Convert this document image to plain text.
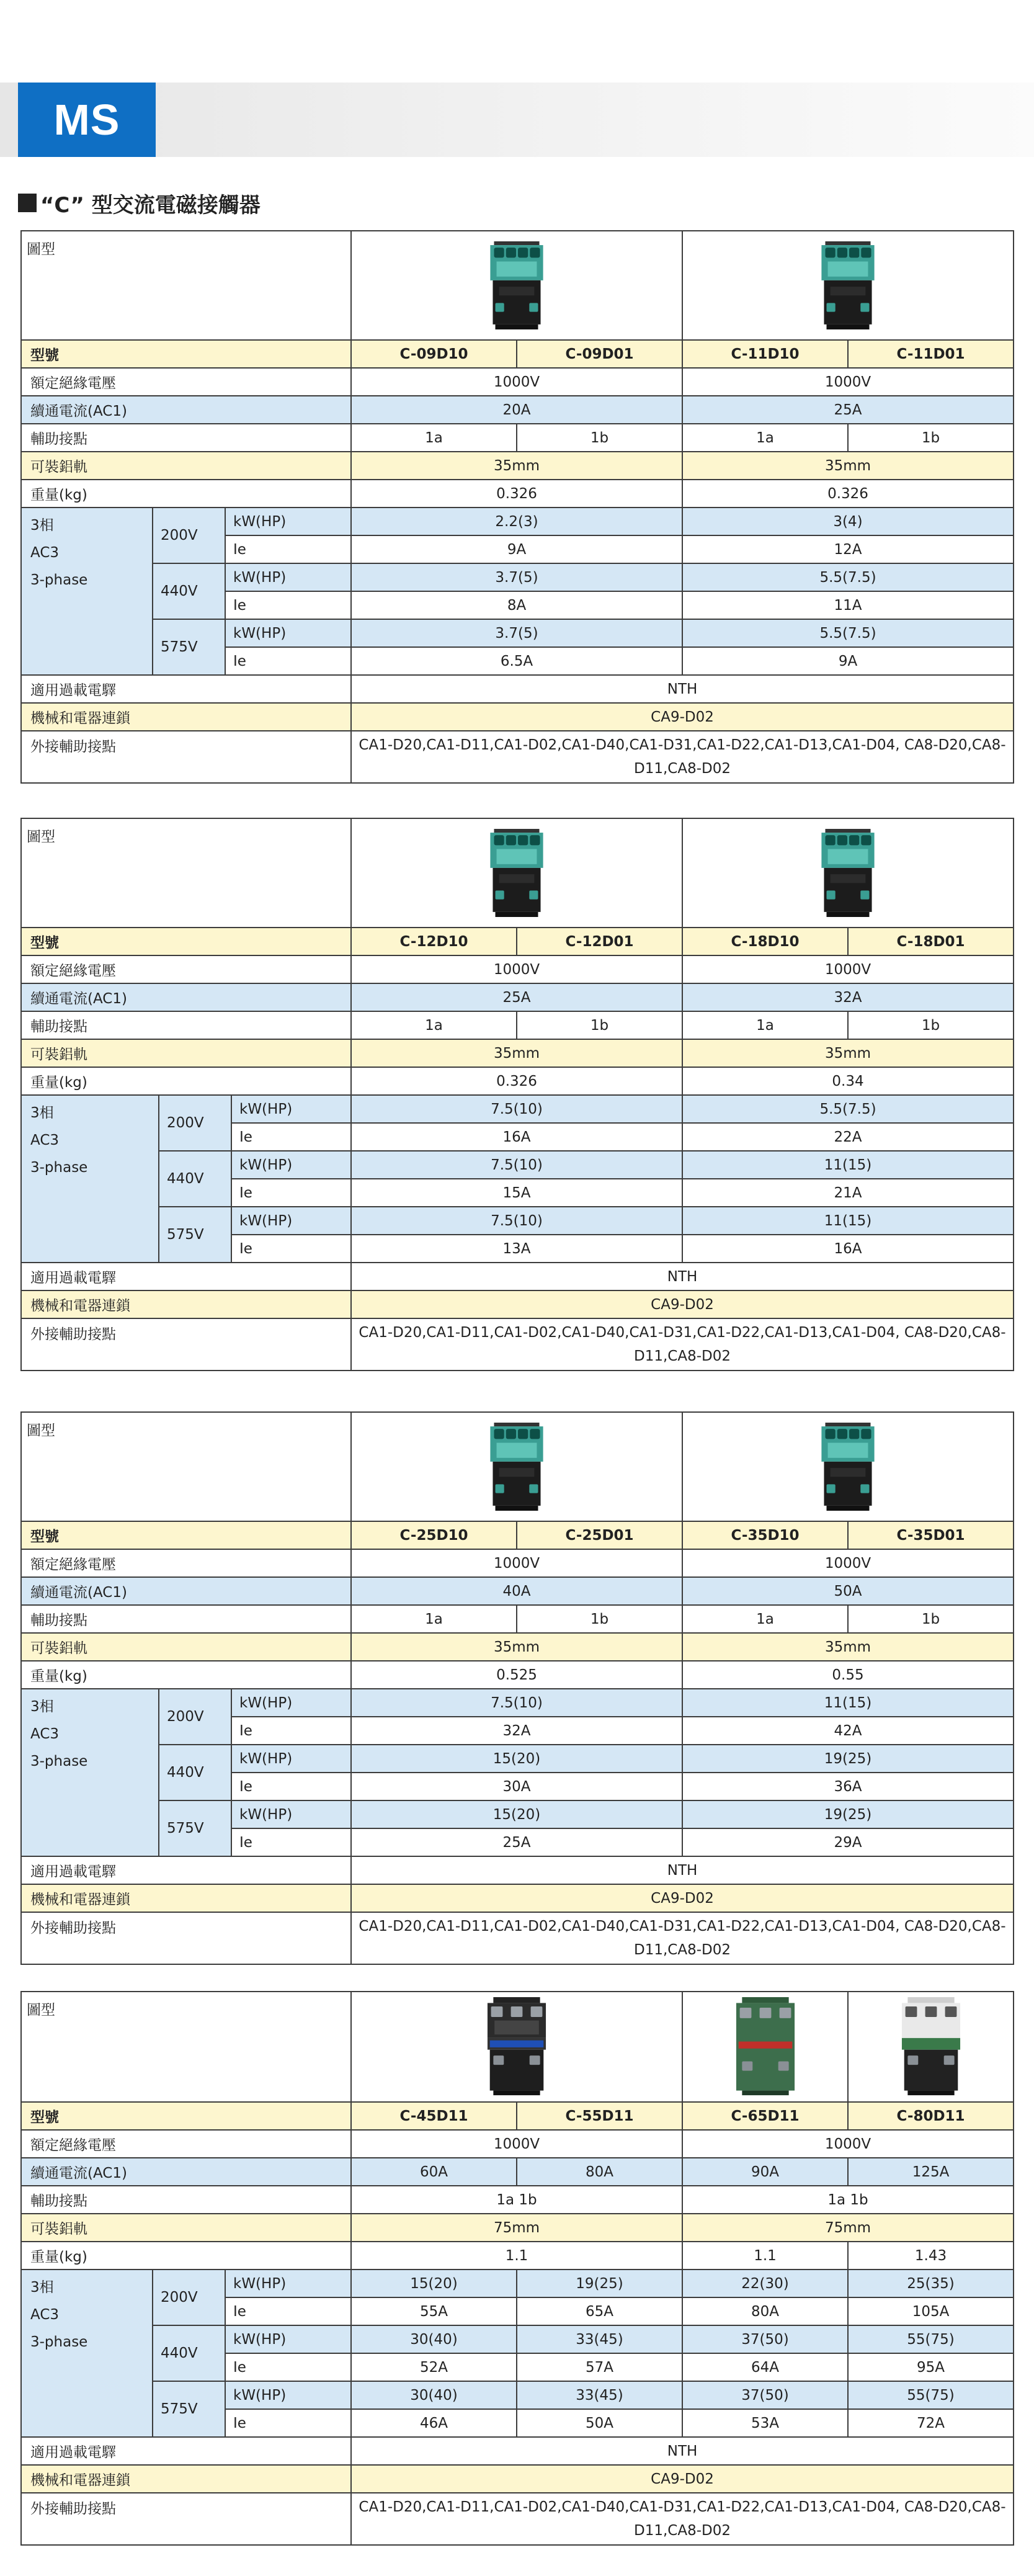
MS
“C” 型交流電磁接觸器
圖型	

型號			C-09D10	C-09D01	C-11D10	C-11D01
額定絕緣電壓			1000V		1000V	
續通電流(AC1)			20A		25A	
輔助接點			1a	1b	1a	1b
可裝鋁軌			35mm		35mm	
重量(kg)			0.326		0.326	

3相
AC3
3-phase	200V	kW(HP)	2.2(3)		3(4)	
		Ie	9A		12A	
	440V	kW(HP)	3.7(5)		5.5(7.5)	
		Ie	8A		11A	
	575V	kW(HP)	3.7(5)		5.5(7.5)	
		Ie	6.5A		9A	
適用過載電驛			NTH			
機械和電器連鎖			CA9-D02			
外接輔助接點			CA1-D20,CA1-D11,CA1-D02,CA1-D40,CA1-D31,CA1-D22,CA1-D13,CA1-D04, CA8-D20,CA8-D11,CA8-D02			
圖型	

型號			C-12D10	C-12D01	C-18D10	C-18D01
額定絕緣電壓			1000V		1000V	
續通電流(AC1)			25A		32A	
輔助接點			1a	1b	1a	1b
可裝鋁軌			35mm		35mm	
重量(kg)			0.326		0.34	

3相
AC3
3-phase	200V	kW(HP)	7.5(10)		5.5(7.5)	
		Ie	16A		22A	
	440V	kW(HP)	7.5(10)		11(15)	
		Ie	15A		21A	
	575V	kW(HP)	7.5(10)		11(15)	
		Ie	13A		16A	
適用過載電驛			NTH			
機械和電器連鎖			CA9-D02			
外接輔助接點			CA1-D20,CA1-D11,CA1-D02,CA1-D40,CA1-D31,CA1-D22,CA1-D13,CA1-D04, CA8-D20,CA8-D11,CA8-D02			
圖型	

型號			C-25D10	C-25D01	C-35D10	C-35D01
額定絕緣電壓			1000V		1000V	
續通電流(AC1)			40A		50A	
輔助接點			1a	1b	1a	1b
可裝鋁軌			35mm		35mm	
重量(kg)			0.525		0.55	

3相
AC3
3-phase	200V	kW(HP)	7.5(10)		11(15)	
		Ie	32A		42A	
	440V	kW(HP)	15(20)		19(25)	
		Ie	30A		36A	
	575V	kW(HP)	15(20)		19(25)	
		Ie	25A		29A	
適用過載電驛			NTH			
機械和電器連鎖			CA9-D02			
外接輔助接點			CA1-D20,CA1-D11,CA1-D02,CA1-D40,CA1-D31,CA1-D22,CA1-D13,CA1-D04, CA8-D20,CA8-D11,CA8-D02			
圖型	

型號			C-45D11	C-55D11	C-65D11	C-80D11
額定絕緣電壓			1000V		1000V	
續通電流(AC1)			60A	80A	90A	125A
輔助接點			1a 1b		1a 1b	
可裝鋁軌			75mm		75mm	
重量(kg)			1.1		1.1	1.43

3相
AC3
3-phase	200V	kW(HP)	15(20)	19(25)	22(30)	25(35)
		Ie	55A	65A	80A	105A
	440V	kW(HP)	30(40)	33(45)	37(50)	55(75)
		Ie	52A	57A	64A	95A
	575V	kW(HP)	30(40)	33(45)	37(50)	55(75)
		Ie	46A	50A	53A	72A
適用過載電驛			NTH			
機械和電器連鎖			CA9-D02			
外接輔助接點			CA1-D20,CA1-D11,CA1-D02,CA1-D40,CA1-D31,CA1-D22,CA1-D13,CA1-D04, CA8-D20,CA8-D11,CA8-D02			
